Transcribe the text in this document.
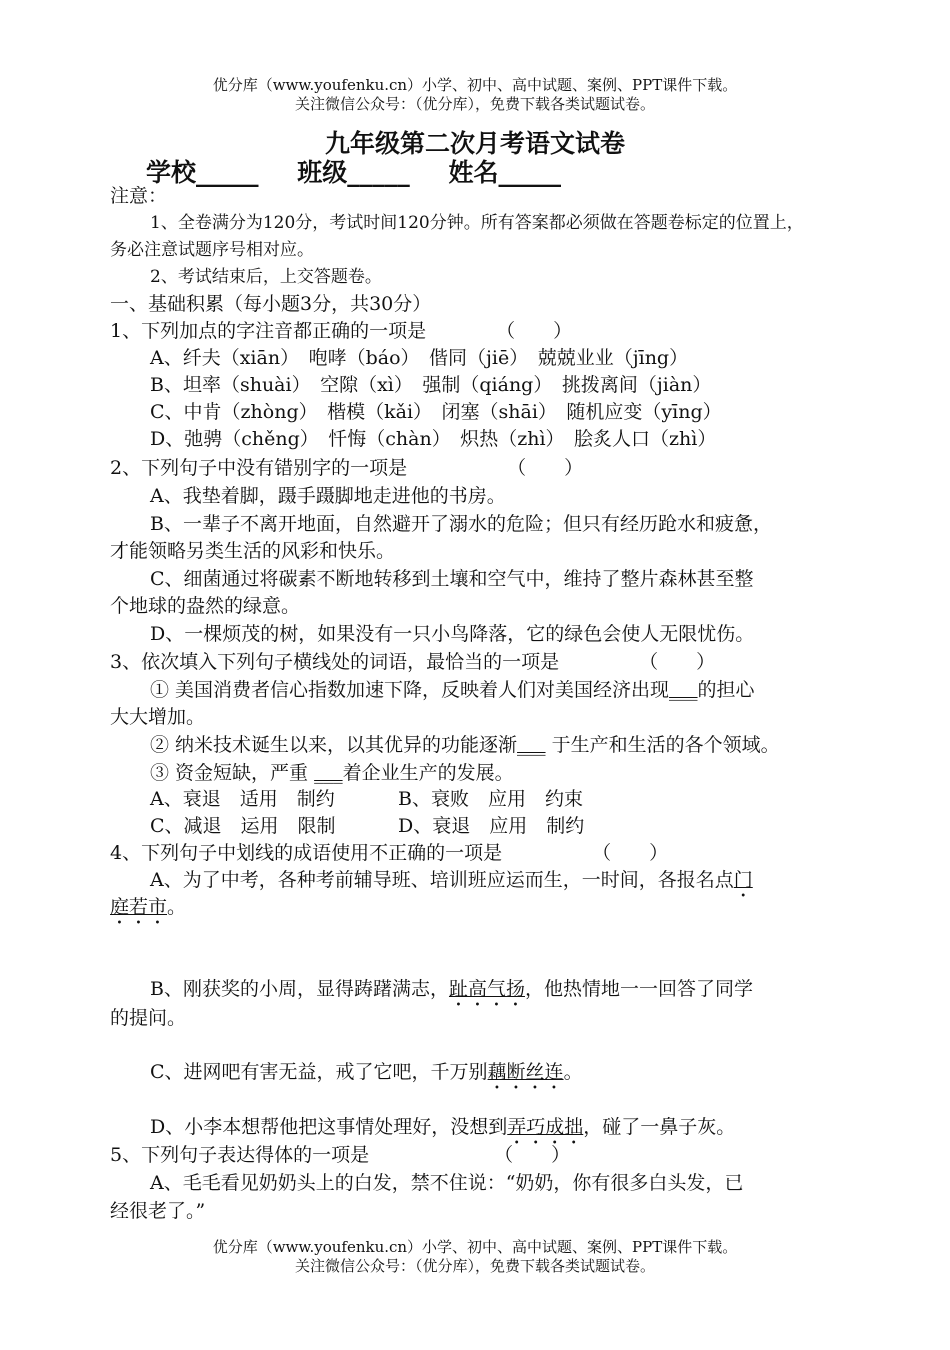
优分库（www.youfenku.cn）小学、初中、高中试题、案例、PPT课件下载。
关注微信公众号：（优分库），免费下载各类试题试卷。
九年级第二次月考语文试卷
学校_____ 班级_____ 姓名_____
注意：
1、全卷满分为120分，考试时间120分钟。所有答案都必须做在答题卷标定的位置上，
务必注意试题序号相对应。
2、考试结束后，上交答题卷。
一、基础积累（每小题3分，共30分）
1、下列加点的字注音都正确的一项是	（　　）
A、纤夫（xiān）　咆哮（báo）　偕同（jiē）　兢兢业业（jīng）
B、坦率（shuài）　空隙（xì）　强制（qiáng）　挑拨离间（jiàn）
C、中肯（zhòng）　楷模（kǎi）　闭塞（shāi）　随机应变（yīng）
D、弛骋（chěng）　忏悔（chàn）　炽热（zhì）　脍炙人口（zhì）
2、下列句子中没有错别字的一项是	（　　）
A、我垫着脚，蹑手蹑脚地走进他的书房。
B、一辈子不离开地面，自然避开了溺水的危险；但只有经历跄水和疲惫，
才能领略另类生活的风彩和快乐。
C、细菌通过将碳素不断地转移到土壤和空气中，维持了整片森林甚至整
个地球的盎然的绿意。
D、一棵烦茂的树，如果没有一只小鸟降落，它的绿色会使人无限忧伤。
3、依次填入下列句子横线处的词语，最恰当的一项是	（　　）
① 美国消费者信心指数加速下降，反映着人们对美国经济出现___的担心
大大增加。
② 纳米技术诞生以来，以其优异的功能逐渐___ 于生产和生活的各个领域。
③ 资金短缺，严重 ___着企业生产的发展。
A、衰退　适用　制约	B、衰败　应用　约束
C、减退　运用　限制	D、衰退　应用　制约
4、下列句子中划线的成语使用不正确的一项是	（　　）
A、为了中考，各种考前辅导班、培训班应运而生，一时间，各报名点门
庭若市。
B、刚获奖的小周，显得踌躇满志，趾高气扬，他热情地一一回答了同学
的提问。
C、进网吧有害无益，戒了它吧，千万别藕断丝连。
D、小李本想帮他把这事情处理好，没想到弄巧成拙，碰了一鼻子灰。
5、下列句子表达得体的一项是	（　　）
A、毛毛看见奶奶头上的白发，禁不住说：“奶奶，你有很多白头发，已
经很老了。”
优分库（www.youfenku.cn）小学、初中、高中试题、案例、PPT课件下载。
关注微信公众号：（优分库），免费下载各类试题试卷。
